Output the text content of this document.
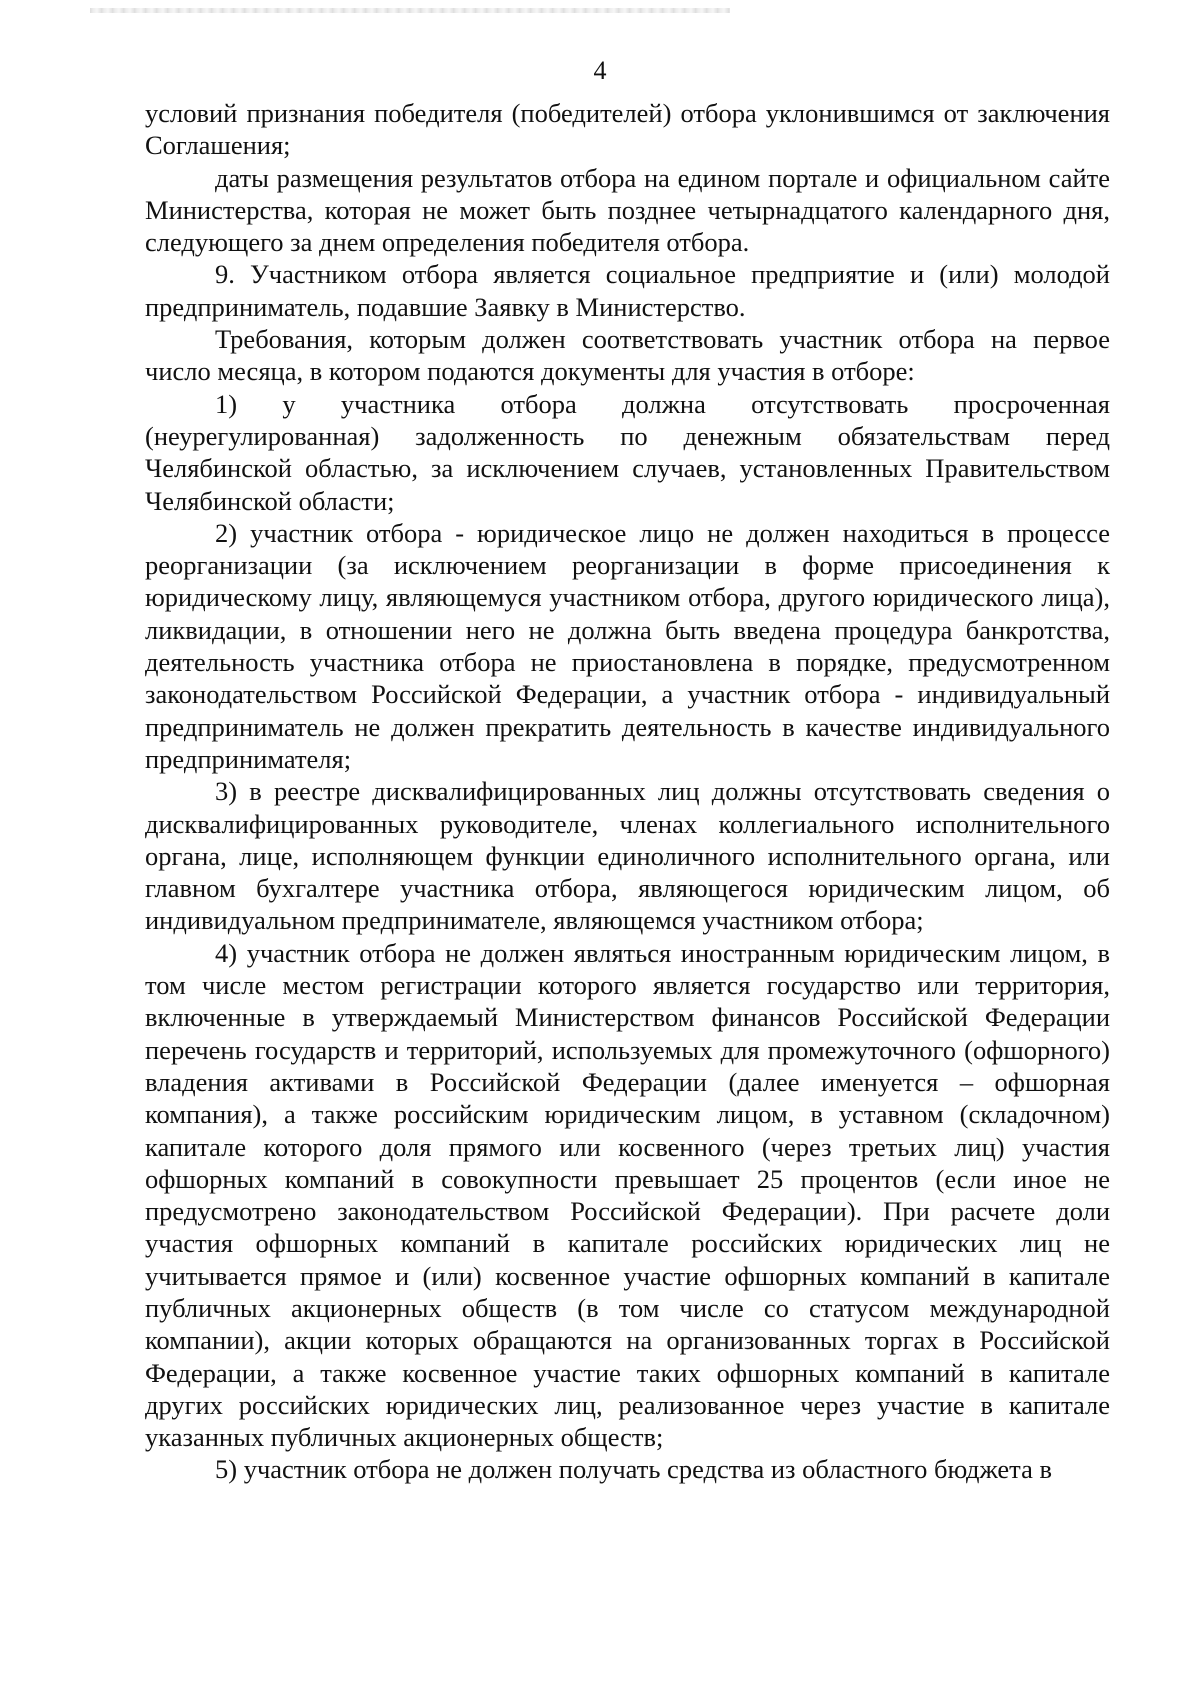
4

условий признания победителя (победителей) отбора уклонившимся от заключения Соглашения;

даты размещения результатов отбора на едином портале и официальном сайте Министерства, которая не может быть позднее четырнадцатого календарного дня, следующего за днем определения победителя отбора.

9. Участником отбора является социальное предприятие и (или) молодой предприниматель, подавшие Заявку в Министерство.

Требования, которым должен соответствовать участник отбора на первое число месяца, в котором подаются документы для участия в отборе:

1) у участника отбора должна отсутствовать просроченная (неурегулированная) задолженность по денежным обязательствам перед Челябинской областью, за исключением случаев, установленных Правительством Челябинской области;

2) участник отбора - юридическое лицо не должен находиться в процессе реорганизации (за исключением реорганизации в форме присоединения к юридическому лицу, являющемуся участником отбора, другого юридического лица), ликвидации, в отношении него не должна быть введена процедура банкротства, деятельность участника отбора не приостановлена в порядке, предусмотренном законодательством Российской Федерации, а участник отбора - индивидуальный предприниматель не должен прекратить деятельность в качестве индивидуального предпринимателя;

3) в реестре дисквалифицированных лиц должны отсутствовать сведения о дисквалифицированных руководителе, членах коллегиального исполнительного органа, лице, исполняющем функции единоличного исполнительного органа, или главном бухгалтере участника отбора, являющегося юридическим лицом, об индивидуальном предпринимателе, являющемся участником отбора;

4) участник отбора не должен являться иностранным юридическим лицом, в том числе местом регистрации которого является государство или территория, включенные в утверждаемый Министерством финансов Российской Федерации перечень государств и территорий, используемых для промежуточного (офшорного) владения активами в Российской Федерации (далее именуется – офшорная компания), а также российским юридическим лицом, в уставном (складочном) капитале которого доля прямого или косвенного (через третьих лиц) участия офшорных компаний в совокупности превышает 25 процентов (если иное не предусмотрено законодательством Российской Федерации). При расчете доли участия офшорных компаний в капитале российских юридических лиц не учитывается прямое и (или) косвенное участие офшорных компаний в капитале публичных акционерных обществ (в том числе со статусом международной компании), акции которых обращаются на организованных торгах в Российской Федерации, а также косвенное участие таких офшорных компаний в капитале других российских юридических лиц, реализованное через участие в капитале указанных публичных акционерных обществ;

5) участник отбора не должен получать средства из областного бюджета в
